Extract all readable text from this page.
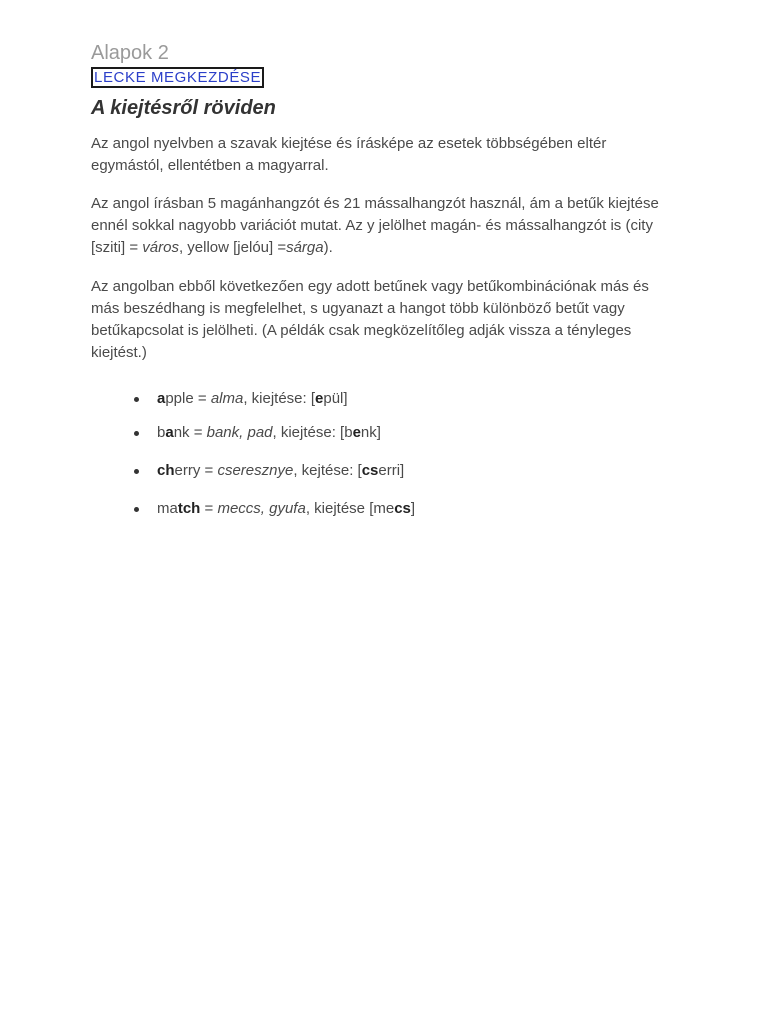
Alapok 2
LECKE MEGKEZDÉSE
A kiejtésről röviden

Az angol nyelvben a szavak kiejtése és írásképe az esetek többségében eltér egymástól, ellentétben a magyarral.

Az angol írásban 5 magánhangzót és 21 mássalhangzót használ, ám a betűk kiejtése ennél sokkal nagyobb variációt mutat. Az y jelölhet magán- és mássalhangzót is (city [sziti] = város, yellow [jelóu] =sárga).

Az angolban ebből következően egy adott betűnek vagy betűkombinációnak más és más beszédhang is megfelelhet, s ugyanazt a hangot több különböző betűt vagy betűkapcsolat is jelölheti. (A példák csak megközelítőleg adják vissza a tényleges kiejtést.)

apple = alma, kiejtése: [epül]
bank = bank, pad, kiejtése: [benk]
cherry = cseresznye, kejtése: [cserri]
match = meccs, gyufa, kiejtése [mecs]
